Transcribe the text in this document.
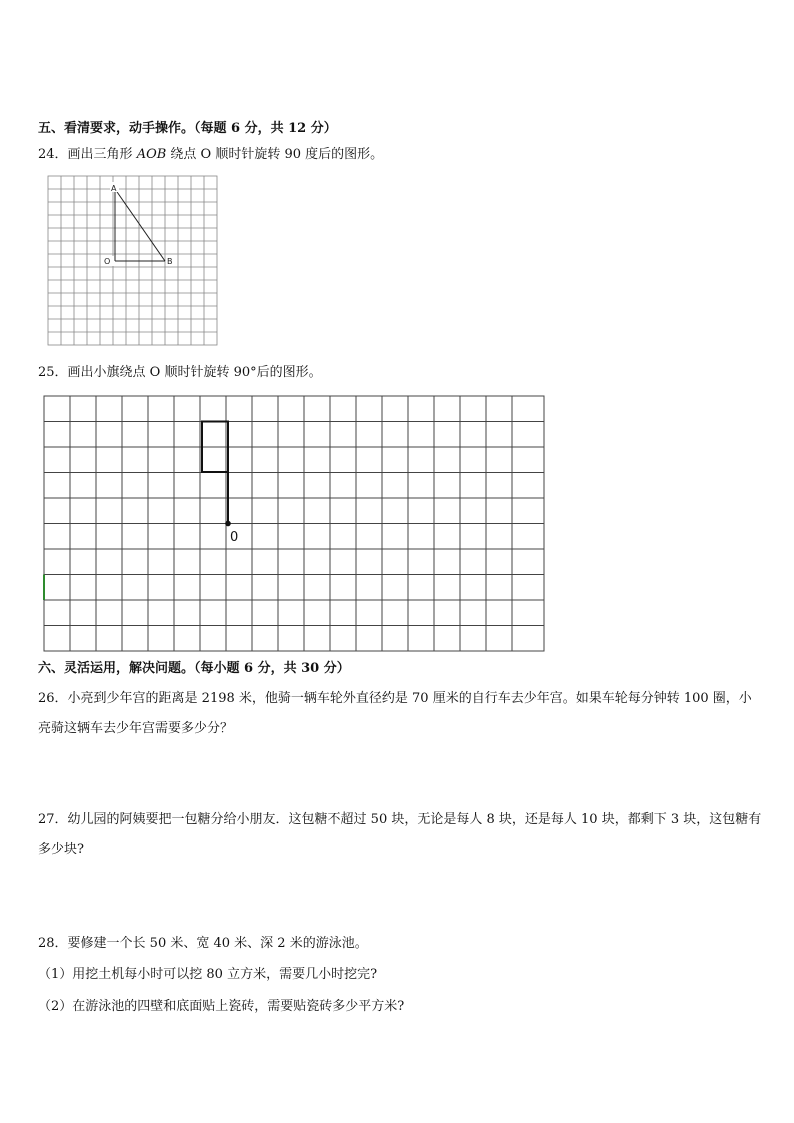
五、看清要求，动手操作。（每题 6 分，共 12 分）
24．画出三角形 AOB 绕点 O 顺时针旋转 90 度后的图形。
A
O	B
25．画出小旗绕点 O 顺时针旋转 90°后的图形。
0
六、灵活运用，解决问题。（每小题 6 分，共 30 分）
26．小亮到少年宫的距离是 2198 米，他骑一辆车轮外直径约是 70 厘米的自行车去少年宫。如果车轮每分钟转 100 圈，小亮骑这辆车去少年宫需要多少分？
27．幼儿园的阿姨要把一包糖分给小朋友．这包糖不超过 50 块，无论是每人 8 块，还是每人 10 块，都剩下 3 块，这包糖有多少块?
28．要修建一个长 50 米、宽 40 米、深 2 米的游泳池。
（1）用挖土机每小时可以挖 80 立方米，需要几小时挖完?
（2）在游泳池的四壁和底面贴上瓷砖，需要贴瓷砖多少平方米?
